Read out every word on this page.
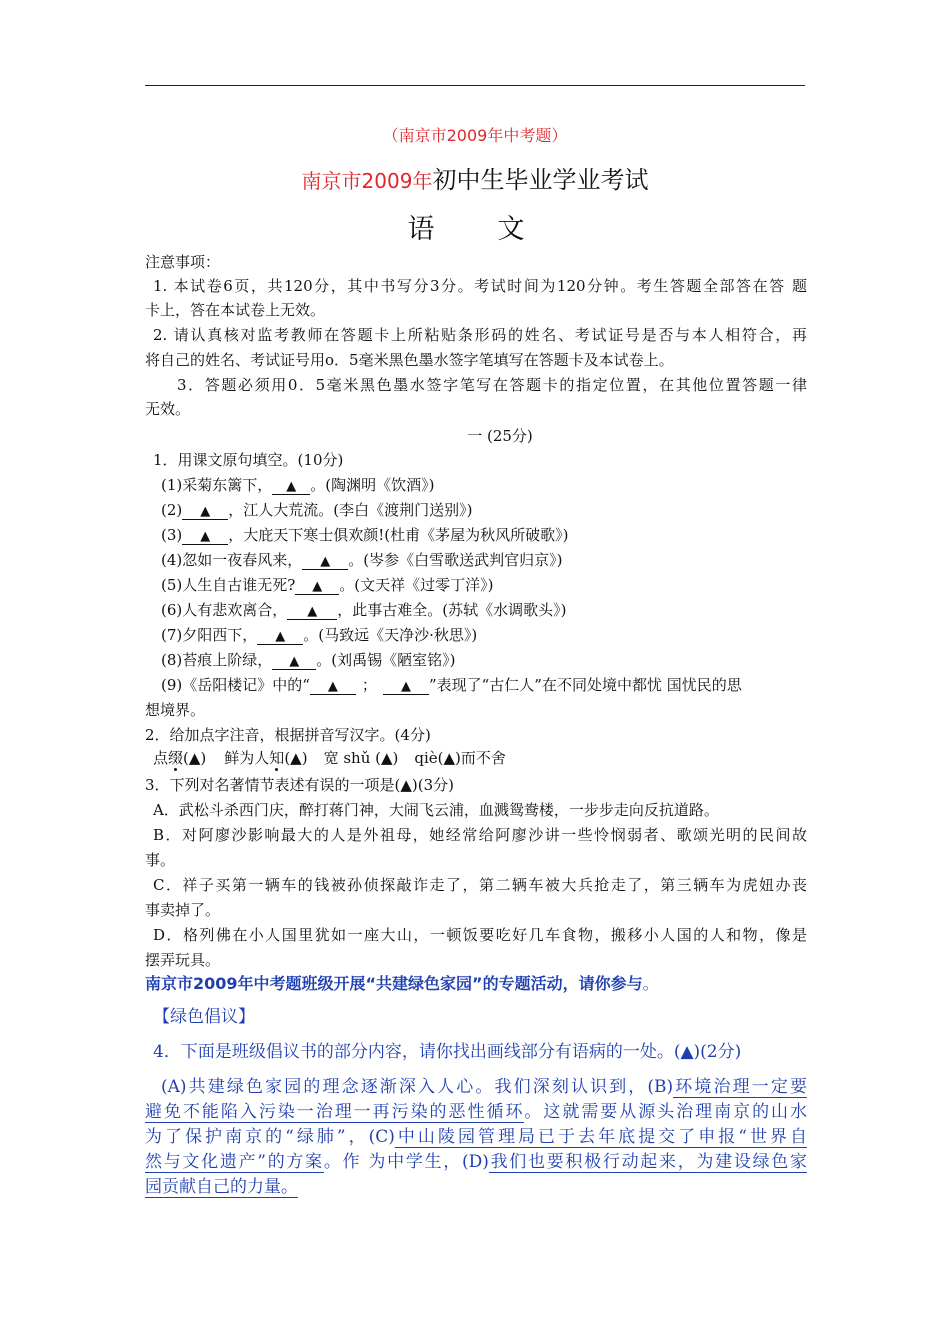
（南京市2009年中考题）
南京市2009年初中生毕业学业考试
语　文
注意事项：
1. 本试卷6页，共120分，其中书写分3分。考试时间为120分钟。考生答题全部答在答 题
卡上，答在本试卷上无效。
2. 请认真核对监考教师在答题卡上所粘贴条形码的姓名、考试证号是否与本人相符合，再
将自己的姓名、考试证号用o．5毫米黑色墨水签字笔填写在答题卡及本试卷上。
3．答题必须用0．5毫米黑色墨水签字笔写在答题卡的指定位置，在其他位置答题一律
无效。
一 (25分)
1．用课文原句填空。(10分)
(1)采菊东篱下， ▲ 。(陶渊明《饮酒》)
(2) ▲ ，江人大荒流。(李白《渡荆门送别》)
(3) ▲ ，大庇天下寒士俱欢颜!(杜甫《茅屋为秋风所破歌》)
(4)忽如一夜春风来， ▲ 。(岑参《白雪歌送武判官归京》)
(5)人生自古谁无死? ▲ 。(文天祥《过零丁洋》)
(6)人有悲欢离合， ▲ ，此事古难全。(苏轼《水调歌头》)
(7)夕阳西下， ▲ 。(马致远《天净沙·秋思》)
(8)苔痕上阶绿， ▲ 。(刘禹锡《陋室铭》)
(9)《岳阳楼记》中的“ ▲ ； ▲ ”表现了“古仁人”在不同处境中都忧 国忧民的思
想境界。
2．给加点字注音，根据拼音写汉字。(4分)
点缀(▲) 鲜为人知(▲) 宽 shǔ (▲) qiè(▲)而不舍
3．下列对名著情节表述有误的一项是(▲)(3分)
A．武松斗杀西门庆，醉打蒋门神，大闹飞云浦，血溅鸳鸯楼，一步步走向反抗道路。
B．对阿廖沙影响最大的人是外祖母，她经常给阿廖沙讲一些怜悯弱者、歌颂光明的民间故
事。
C．祥子买第一辆车的钱被孙侦探敲诈走了，第二辆车被大兵抢走了，第三辆车为虎妞办丧
事卖掉了。
D．格列佛在小人国里犹如一座大山，一顿饭要吃好几车食物，搬移小人国的人和物，像是
摆弄玩具。
南京市2009年中考题班级开展“共建绿色家园”的专题活动，请你参与。
【绿色倡议】
4．下面是班级倡议书的部分内容，请你找出画线部分有语病的一处。(▲)(2分)
(A)共建绿色家园的理念逐渐深入人心。我们深刻认识到，(B)环境治理一定要
避免不能陷入污染一治理一再污染的恶性循环。这就需要从源头治理南京的山水
为了保护南京的“绿肺”，(C)中山陵园管理局已于去年底提交了申报“世界自
然与文化遗产”的方案。作 为中学生，(D)我们也要积极行动起来，为建设绿色家
园贡献自己的力量。
